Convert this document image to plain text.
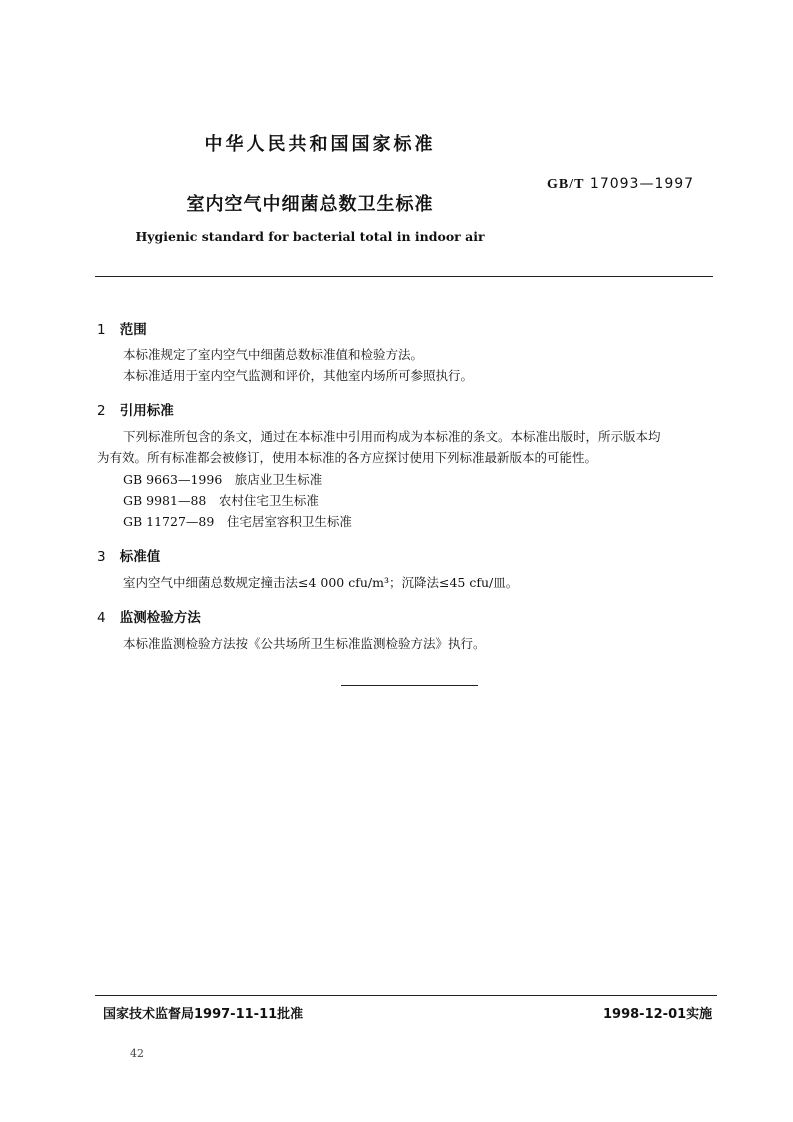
中华人民共和国国家标准
GB/T 17093—1997
室内空气中细菌总数卫生标准
Hygienic standard for bacterial total in indoor air
1 范围
本标准规定了室内空气中细菌总数标准值和检验方法。
本标准适用于室内空气监测和评价，其他室内场所可参照执行。
2 引用标准
下列标准所包含的条文，通过在本标准中引用而构成为本标准的条文。本标准出版时，所示版本均
为有效。所有标准都会被修订，使用本标准的各方应探讨使用下列标准最新版本的可能性。
GB 9663—1996　旅店业卫生标准
GB 9981—88　农村住宅卫生标准
GB 11727—89　住宅居室容积卫生标准
3 标准值
室内空气中细菌总数规定撞击法≤4 000 cfu/m³；沉降法≤45 cfu/皿。
4 监测检验方法
本标准监测检验方法按《公共场所卫生标准监测检验方法》执行。
国家技术监督局1997-11-11批准	1998-12-01实施
42
